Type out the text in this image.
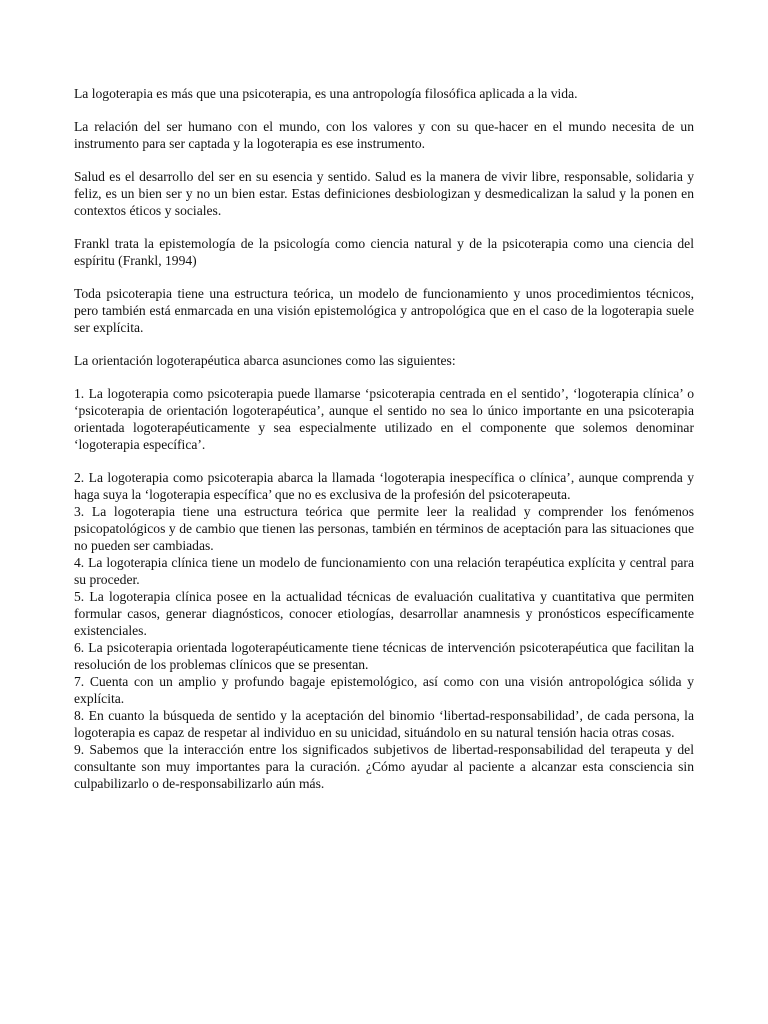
La logoterapia es más que una psicoterapia, es una antropología filosófica aplicada a la vida.

La relación del ser humano con el mundo, con los valores y con su que-hacer en el mundo necesita de un instrumento para ser captada y la logoterapia es ese instrumento.

Salud es el desarrollo del ser en su esencia y sentido. Salud es la manera de vivir libre, responsable, solidaria y feliz, es un bien ser y no un bien estar. Estas definiciones desbiologizan y desmedicalizan la salud y la ponen en contextos éticos y sociales.

Frankl trata la epistemología de la psicología como ciencia natural y de la psicoterapia como una ciencia del espíritu (Frankl, 1994)

Toda psicoterapia tiene una estructura teórica, un modelo de funcionamiento y unos procedimientos técnicos, pero también está enmarcada en una visión epistemológica y antropológica que en el caso de la logoterapia suele ser explícita.

La orientación logoterapéutica abarca asunciones como las siguientes:

1. La logoterapia como psicoterapia puede llamarse ‘psicoterapia centrada en el sentido’, ‘logoterapia clínica’ o ‘psicoterapia de orientación logoterapéutica’, aunque el sentido no sea lo único importante en una psicoterapia orientada logoterapéuticamente y sea especialmente utilizado en el componente que solemos denominar ‘logoterapia específica’.

2. La logoterapia como psicoterapia abarca la llamada ‘logoterapia inespecífica o clínica’, aunque comprenda y haga suya la ‘logoterapia específica’ que no es exclusiva de la profesión del psicoterapeuta.

3. La logoterapia tiene una estructura teórica que permite leer la realidad y comprender los fenómenos psicopatológicos y de cambio que tienen las personas, también en términos de aceptación para las situaciones que no pueden ser cambiadas.

4. La logoterapia clínica tiene un modelo de funcionamiento con una relación terapéutica explícita y central para su proceder.

5. La logoterapia clínica posee en la actualidad técnicas de evaluación cualitativa y cuantitativa que permiten formular casos, generar diagnósticos, conocer etiologías, desarrollar anamnesis y pronósticos específicamente existenciales.

6. La psicoterapia orientada logoterapéuticamente tiene técnicas de intervención psicoterapéutica que facilitan la resolución de los problemas clínicos que se presentan.

7. Cuenta con un amplio y profundo bagaje epistemológico, así como con una visión antropológica sólida y explícita.

8. En cuanto la búsqueda de sentido y la aceptación del binomio ‘libertad-responsabilidad’, de cada persona, la logoterapia es capaz de respetar al individuo en su unicidad, situándolo en su natural tensión hacia otras cosas.

9. Sabemos que la interacción entre los significados subjetivos de libertad-responsabilidad del terapeuta y del consultante son muy importantes para la curación. ¿Cómo ayudar al paciente a alcanzar esta consciencia sin culpabilizarlo o de-responsabilizarlo aún más.
